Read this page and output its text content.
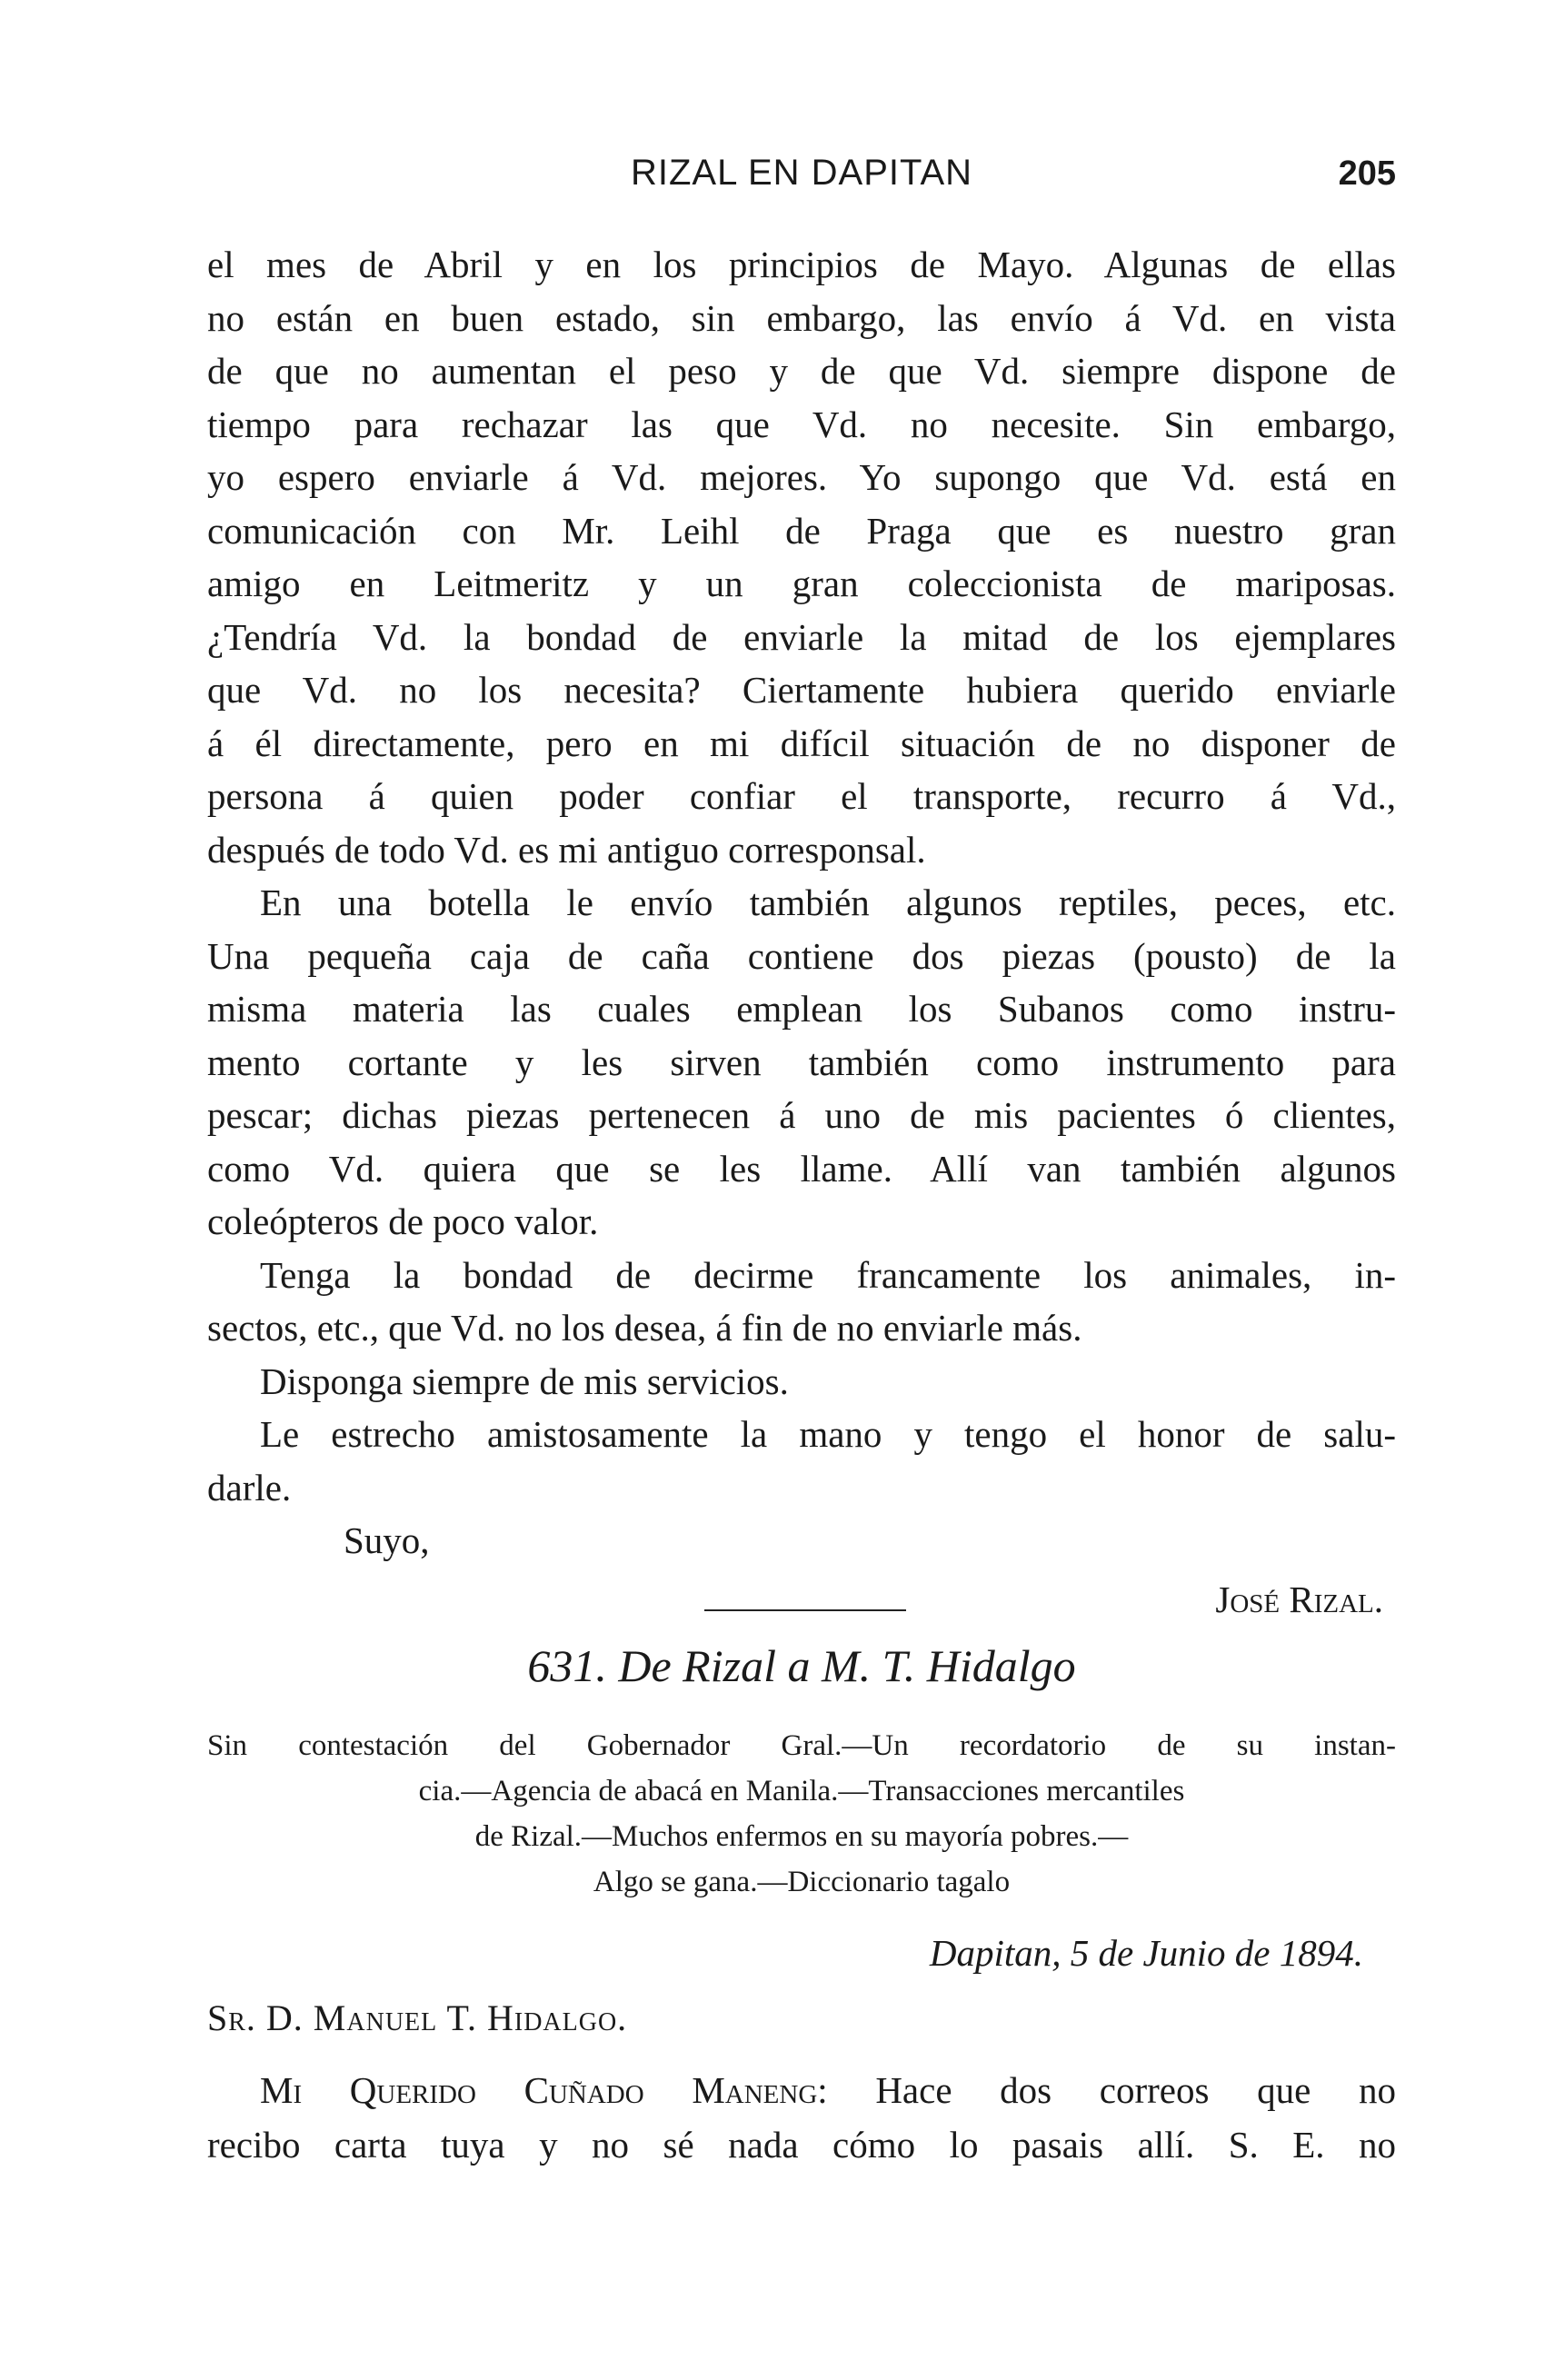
RIZAL EN DAPITAN	205
el mes de Abril y en los principios de Mayo. Algunas de ellas
no están en buen estado, sin embargo, las envío á Vd. en vista
de que no aumentan el peso y de que Vd. siempre dispone de
tiempo para rechazar las que Vd. no necesite. Sin embargo,
yo espero enviarle á Vd. mejores. Yo supongo que Vd. está en
comunicación con Mr. Leihl de Praga que es nuestro gran
amigo en Leitmeritz y un gran coleccionista de mariposas.
¿Tendría Vd. la bondad de enviarle la mitad de los ejemplares
que Vd. no los necesita? Ciertamente hubiera querido enviarle
á él directamente, pero en mi difícil situación de no disponer de
persona á quien poder confiar el transporte, recurro á Vd.,
después de todo Vd. es mi antiguo corresponsal.
En una botella le envío también algunos reptiles, peces, etc.
Una pequeña caja de caña contiene dos piezas (pousto) de la
misma materia las cuales emplean los Subanos como instru-
mento cortante y les sirven también como instrumento para
pescar; dichas piezas pertenecen á uno de mis pacientes ó clientes,
como Vd. quiera que se les llame. Allí van también algunos
coleópteros de poco valor.
Tenga la bondad de decirme francamente los animales, in-
sectos, etc., que Vd. no los desea, á fin de no enviarle más.
Disponga siempre de mis servicios.
Le estrecho amistosamente la mano y tengo el honor de salu-
darle.
Suyo,
José Rizal.
631. De Rizal a M. T. Hidalgo
Sin contestación del Gobernador Gral.—Un recordatorio de su instan-
cia.—Agencia de abacá en Manila.—Transacciones mercantiles
de Rizal.—Muchos enfermos en su mayoría pobres.—
Algo se gana.—Diccionario tagalo
Dapitan, 5 de Junio de 1894.
Sr. D. Manuel T. Hidalgo.
Mi Querido Cuñado Maneng: Hace dos correos que no
recibo carta tuya y no sé nada cómo lo pasais allí. S. E. no
